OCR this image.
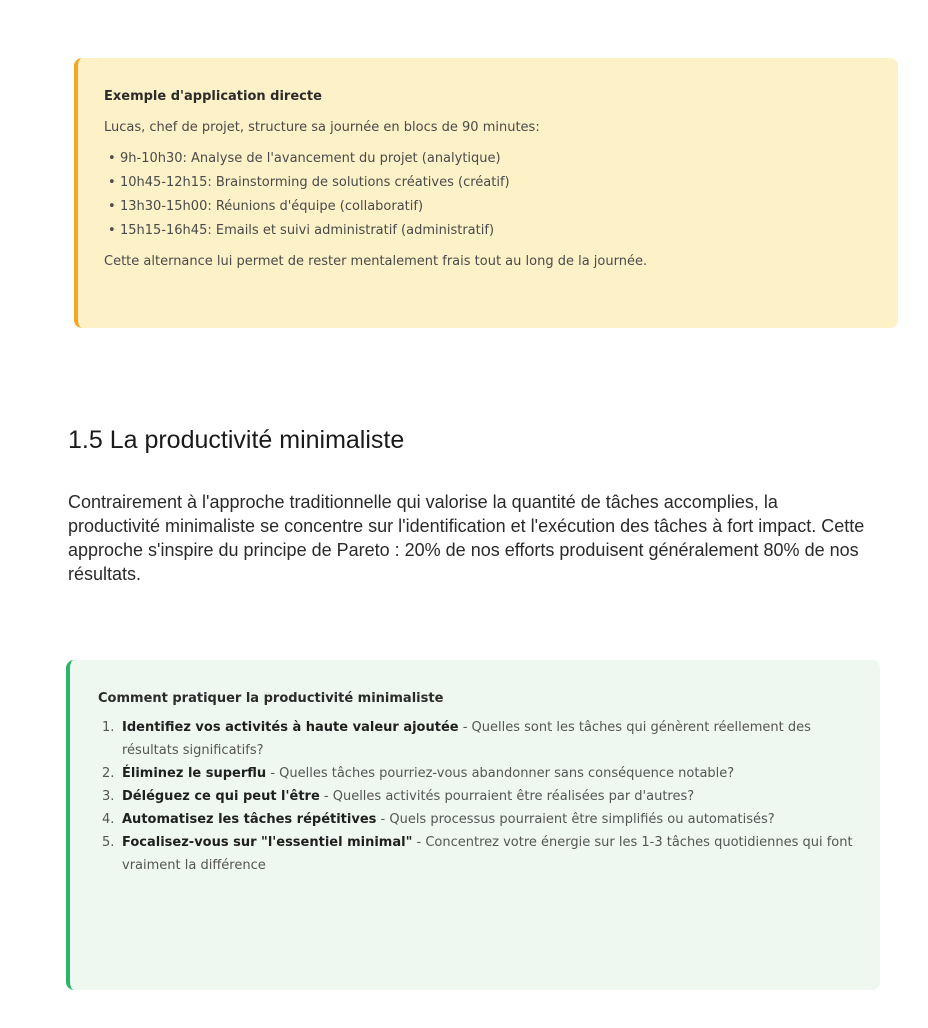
Exemple d'application directe

Lucas, chef de projet, structure sa journée en blocs de 90 minutes:

• 9h-10h30: Analyse de l'avancement du projet (analytique)
• 10h45-12h15: Brainstorming de solutions créatives (créatif)
• 13h30-15h00: Réunions d'équipe (collaboratif)
• 15h15-16h45: Emails et suivi administratif (administratif)

Cette alternance lui permet de rester mentalement frais tout au long de la journée.

1.5 La productivité minimaliste

Contrairement à l'approche traditionnelle qui valorise la quantité de tâches accomplies, la productivité minimaliste se concentre sur l'identification et l'exécution des tâches à fort impact. Cette approche s'inspire du principe de Pareto : 20% de nos efforts produisent généralement 80% de nos résultats.

Comment pratiquer la productivité minimaliste

1. Identifiez vos activités à haute valeur ajoutée - Quelles sont les tâches qui génèrent réellement des résultats significatifs?
2. Éliminez le superflu - Quelles tâches pourriez-vous abandonner sans conséquence notable?
3. Déléguez ce qui peut l'être - Quelles activités pourraient être réalisées par d'autres?
4. Automatisez les tâches répétitives - Quels processus pourraient être simplifiés ou automatisés?
5. Focalisez-vous sur "l'essentiel minimal" - Concentrez votre énergie sur les 1-3 tâches quotidiennes qui font vraiment la différence
